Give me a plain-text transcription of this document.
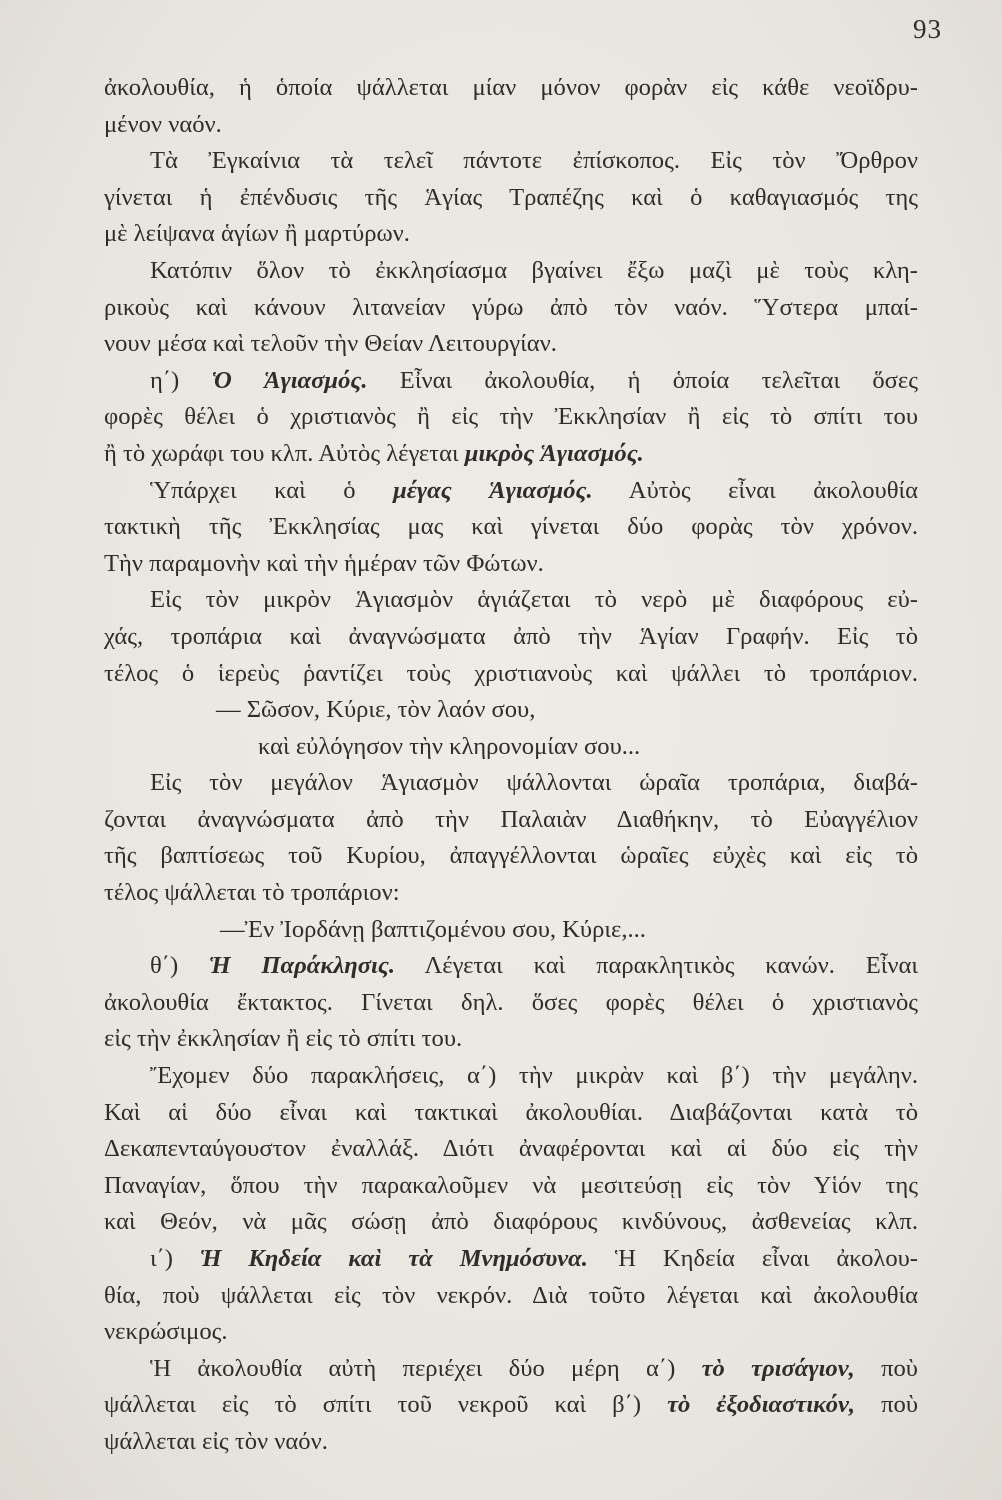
93
ἀκολουθία, ἡ ὁποία ψάλλεται μίαν μόνον φορὰν εἰς κάθε νεοϊδρυ-
μένον ναόν.
Τὰ Ἐγκαίνια τὰ τελεῖ πάντοτε ἐπίσκοπος. Εἰς τὸν Ὄρθρον
γίνεται ἡ ἐπένδυσις τῆς Ἁγίας Τραπέζης καὶ ὁ καθαγιασμός της
μὲ λείψανα ἁγίων ἢ μαρτύρων.
Κατόπιν ὅλον τὸ ἐκκλησίασμα βγαίνει ἔξω μαζὶ μὲ τοὺς κλη-
ρικοὺς καὶ κάνουν λιτανείαν γύρω ἀπὸ τὸν ναόν. Ὕστερα μπαί-
νουν μέσα καὶ τελοῦν τὴν Θείαν Λειτουργίαν.
η΄) Ὁ Ἁγιασμός. Εἶναι ἀκολουθία, ἡ ὁποία τελεῖται ὅσες
φορὲς θέλει ὁ χριστιανὸς ἢ εἰς τὴν Ἐκκλησίαν ἢ εἰς τὸ σπίτι του
ἢ τὸ χωράφι του κλπ. Αὐτὸς λέγεται μικρὸς Ἁγιασμός.
Ὑπάρχει καὶ ὁ μέγας Ἁγιασμός. Αὐτὸς εἶναι ἀκολουθία
τακτικὴ τῆς Ἐκκλησίας μας καὶ γίνεται δύο φορὰς τὸν χρόνον.
Τὴν παραμονὴν καὶ τὴν ἡμέραν τῶν Φώτων.
Εἰς τὸν μικρὸν Ἁγιασμὸν ἁγιάζεται τὸ νερὸ μὲ διαφόρους εὐ-
χάς, τροπάρια καὶ ἀναγνώσματα ἀπὸ τὴν Ἁγίαν Γραφήν. Εἰς τὸ
τέλος ὁ ἱερεὺς ῥαντίζει τοὺς χριστιανοὺς καὶ ψάλλει τὸ τροπάριον.
— Σῶσον, Κύριε, τὸν λαόν σου,
καὶ εὐλόγησον τὴν κληρονομίαν σου...
Εἰς τὸν μεγάλον Ἁγιασμὸν ψάλλονται ὡραῖα τροπάρια, διαβά-
ζονται ἀναγνώσματα ἀπὸ τὴν Παλαιὰν Διαθήκην, τὸ Εὐαγγέλιον
τῆς βαπτίσεως τοῦ Κυρίου, ἀπαγγέλλονται ὡραῖες εὐχὲς καὶ εἰς τὸ
τέλος ψάλλεται τὸ τροπάριον:
—Ἐν Ἰορδάνῃ βαπτιζομένου σου, Κύριε,...
θ΄) Ἡ Παράκλησις. Λέγεται καὶ παρακλητικὸς κανών. Εἶναι
ἀκολουθία ἔκτακτος. Γίνεται δηλ. ὅσες φορὲς θέλει ὁ χριστιανὸς
εἰς τὴν ἐκκλησίαν ἢ εἰς τὸ σπίτι του.
Ἔχομεν δύο παρακλήσεις, α΄) τὴν μικρὰν καὶ β΄) τὴν μεγάλην.
Καὶ αἱ δύο εἶναι καὶ τακτικαὶ ἀκολουθίαι. Διαβάζονται κατὰ τὸ
Δεκαπενταύγουστον ἐναλλάξ. Διότι ἀναφέρονται καὶ αἱ δύο εἰς τὴν
Παναγίαν, ὅπου τὴν παρακαλοῦμεν νὰ μεσιτεύσῃ εἰς τὸν Υἱόν της
καὶ Θεόν, νὰ μᾶς σώσῃ ἀπὸ διαφόρους κινδύνους, ἀσθενείας κλπ.
ι΄) Ἡ Κηδεία καὶ τὰ Μνημόσυνα. Ἡ Κηδεία εἶναι ἀκολου-
θία, ποὺ ψάλλεται εἰς τὸν νεκρόν. Διὰ τοῦτο λέγεται καὶ ἀκολουθία
νεκρώσιμος.
Ἡ ἀκολουθία αὐτὴ περιέχει δύο μέρη α΄) τὸ τρισάγιον, ποὺ
ψάλλεται εἰς τὸ σπίτι τοῦ νεκροῦ καὶ β΄) τὸ ἐξοδιαστικόν, ποὺ
ψάλλεται εἰς τὸν ναόν.
